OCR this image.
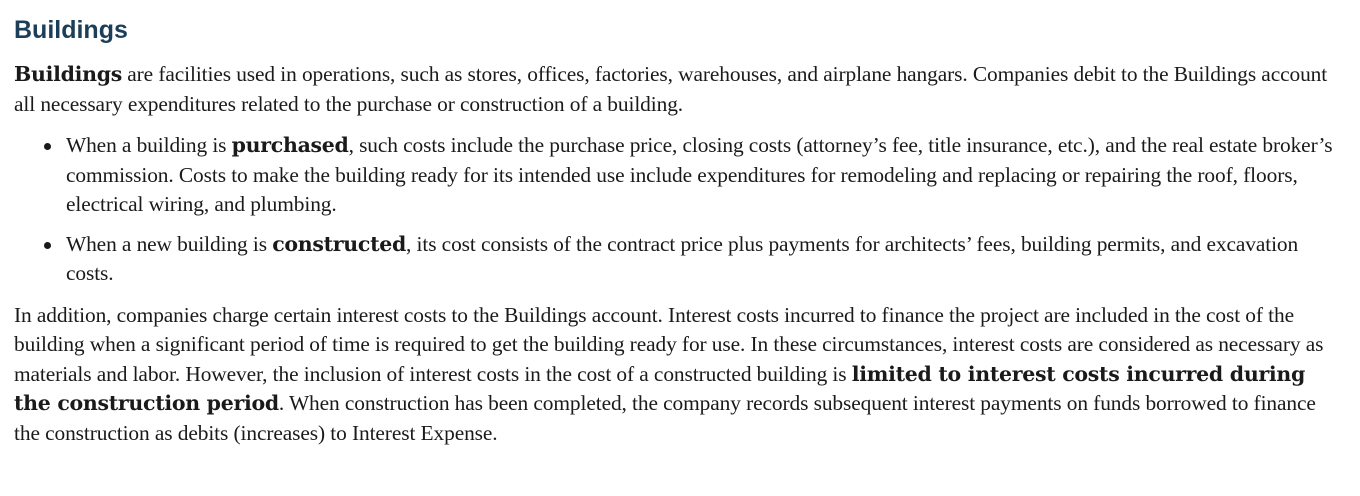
Buildings

Buildings are facilities used in operations, such as stores, offices, factories, warehouses, and airplane hangars. Companies debit to the Buildings account all necessary expenditures related to the purchase or construction of a building.

When a building is purchased, such costs include the purchase price, closing costs (attorney’s fee, title insurance, etc.), and the real estate broker’s commission. Costs to make the building ready for its intended use include expenditures for remodeling and replacing or repairing the roof, floors, electrical wiring, and plumbing.
When a new building is constructed, its cost consists of the contract price plus payments for architects’ fees, building permits, and excavation costs.

In addition, companies charge certain interest costs to the Buildings account. Interest costs incurred to finance the project are included in the cost of the building when a significant period of time is required to get the building ready for use. In these circumstances, interest costs are considered as necessary as materials and labor. However, the inclusion of interest costs in the cost of a constructed building is limited to interest costs incurred during the construction period. When construction has been completed, the company records subsequent interest payments on funds borrowed to finance the construction as debits (increases) to Interest Expense.
